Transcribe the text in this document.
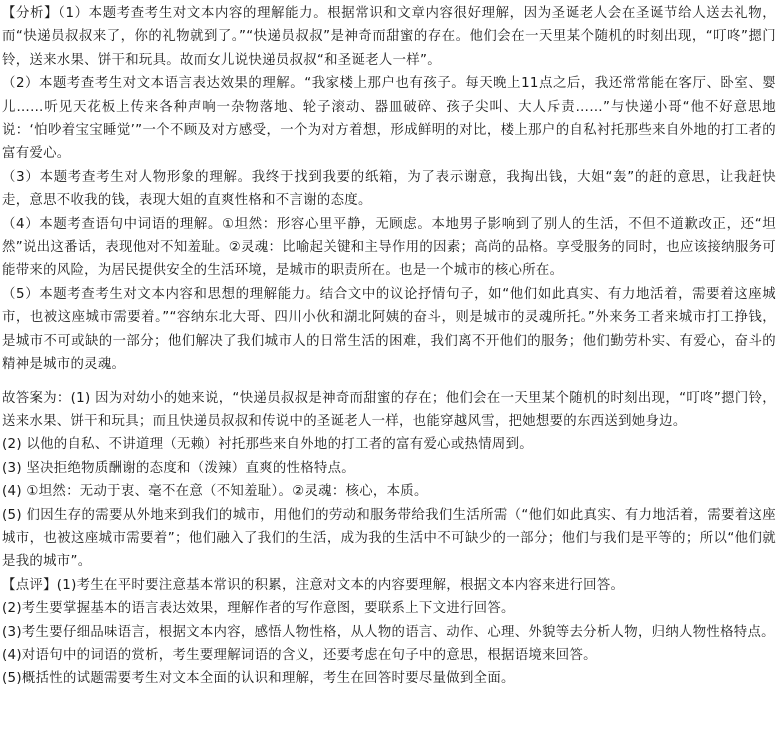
【分析】（1）本题考查考生对文本内容的理解能力。根据常识和文章内容很好理解，因为圣诞老人会在圣诞节给人送去礼物，而“快递员叔叔来了，你的礼物就到了。”“快递员叔叔”是神奇而甜蜜的存在。他们会在一天里某个随机的时刻出现，“叮咚”摁门铃，送来水果、饼干和玩具。故而女儿说快递员叔叔“和圣诞老人一样”。

（2）本题考查考生对文本语言表达效果的理解。“我家楼上那户也有孩子。每天晚上11点之后，我还常常能在客厅、卧室、婴儿……听见天花板上传来各种声响一杂物落地、轮子滚动、器皿破碎、孩子尖叫、大人斥责……”与快递小哥“他不好意思地说：‘怕吵着宝宝睡觉’”一个不顾及对方感受，一个为对方着想，形成鲜明的对比，楼上那户的自私衬托那些来自外地的打工者的富有爱心。

（3）本题考查考生对人物形象的理解。我终于找到我要的纸箱，为了表示谢意，我掏出钱，大姐“轰”的赶的意思，让我赶快走，意思不收我的钱，表现大姐的直爽性格和不言谢的态度。

（4）本题考查语句中词语的理解。①坦然：形容心里平静，无顾虑。本地男子影响到了别人的生活，不但不道歉改正，还“坦然”说出这番话，表现他对不知羞耻。②灵魂：比喻起关键和主导作用的因素；高尚的品格。享受服务的同时，也应该接纳服务可能带来的风险，为居民提供安全的生活环境，是城市的职责所在。也是一个城市的核心所在。

（5）本题考查考生对文本内容和思想的理解能力。结合文中的议论抒情句子，如“他们如此真实、有力地活着，需要着这座城市，也被这座城市需要着。”“容纳东北大哥、四川小伙和湖北阿姨的奋斗，则是城市的灵魂所托。”外来务工者来城市打工挣钱，是城市不可或缺的一部分；他们解决了我们城市人的日常生活的困难，我们离不开他们的服务；他们勤劳朴实、有爱心，奋斗的精神是城市的灵魂。

故答案为：(1) 因为对幼小的她来说，“快递员叔叔是神奇而甜蜜的存在；他们会在一天里某个随机的时刻出现，“叮咚”摁门铃，送来水果、饼干和玩具；而且快递员叔叔和传说中的圣诞老人一样，也能穿越风雪，把她想要的东西送到她身边。

(2) 以他的自私、不讲道理（无赖）衬托那些来自外地的打工者的富有爱心或热情周到。

(3) 坚决拒绝物质酬谢的态度和（泼辣）直爽的性格特点。

(4) ①坦然：无动于衷、毫不在意（不知羞耻）。②灵魂：核心，本质。

(5) 们因生存的需要从外地来到我们的城市，用他们的劳动和服务带给我们生活所需（“他们如此真实、有力地活着，需要着这座城市，也被这座城市需要着”；他们融入了我们的生活，成为我的生活中不可缺少的一部分；他们与我们是平等的；所以“他们就是我的城市”。

【点评】(1)考生在平时要注意基本常识的积累，注意对文本的内容要理解，根据文本内容来进行回答。

(2)考生要掌握基本的语言表达效果，理解作者的写作意图，要联系上下文进行回答。

(3)考生要仔细品味语言，根据文本内容，感悟人物性格，从人物的语言、动作、心理、外貌等去分析人物，归纳人物性格特点。

(4)对语句中的词语的赏析，考生要理解词语的含义，还要考虑在句子中的意思，根据语境来回答。

(5)概括性的试题需要考生对文本全面的认识和理解，考生在回答时要尽量做到全面。
